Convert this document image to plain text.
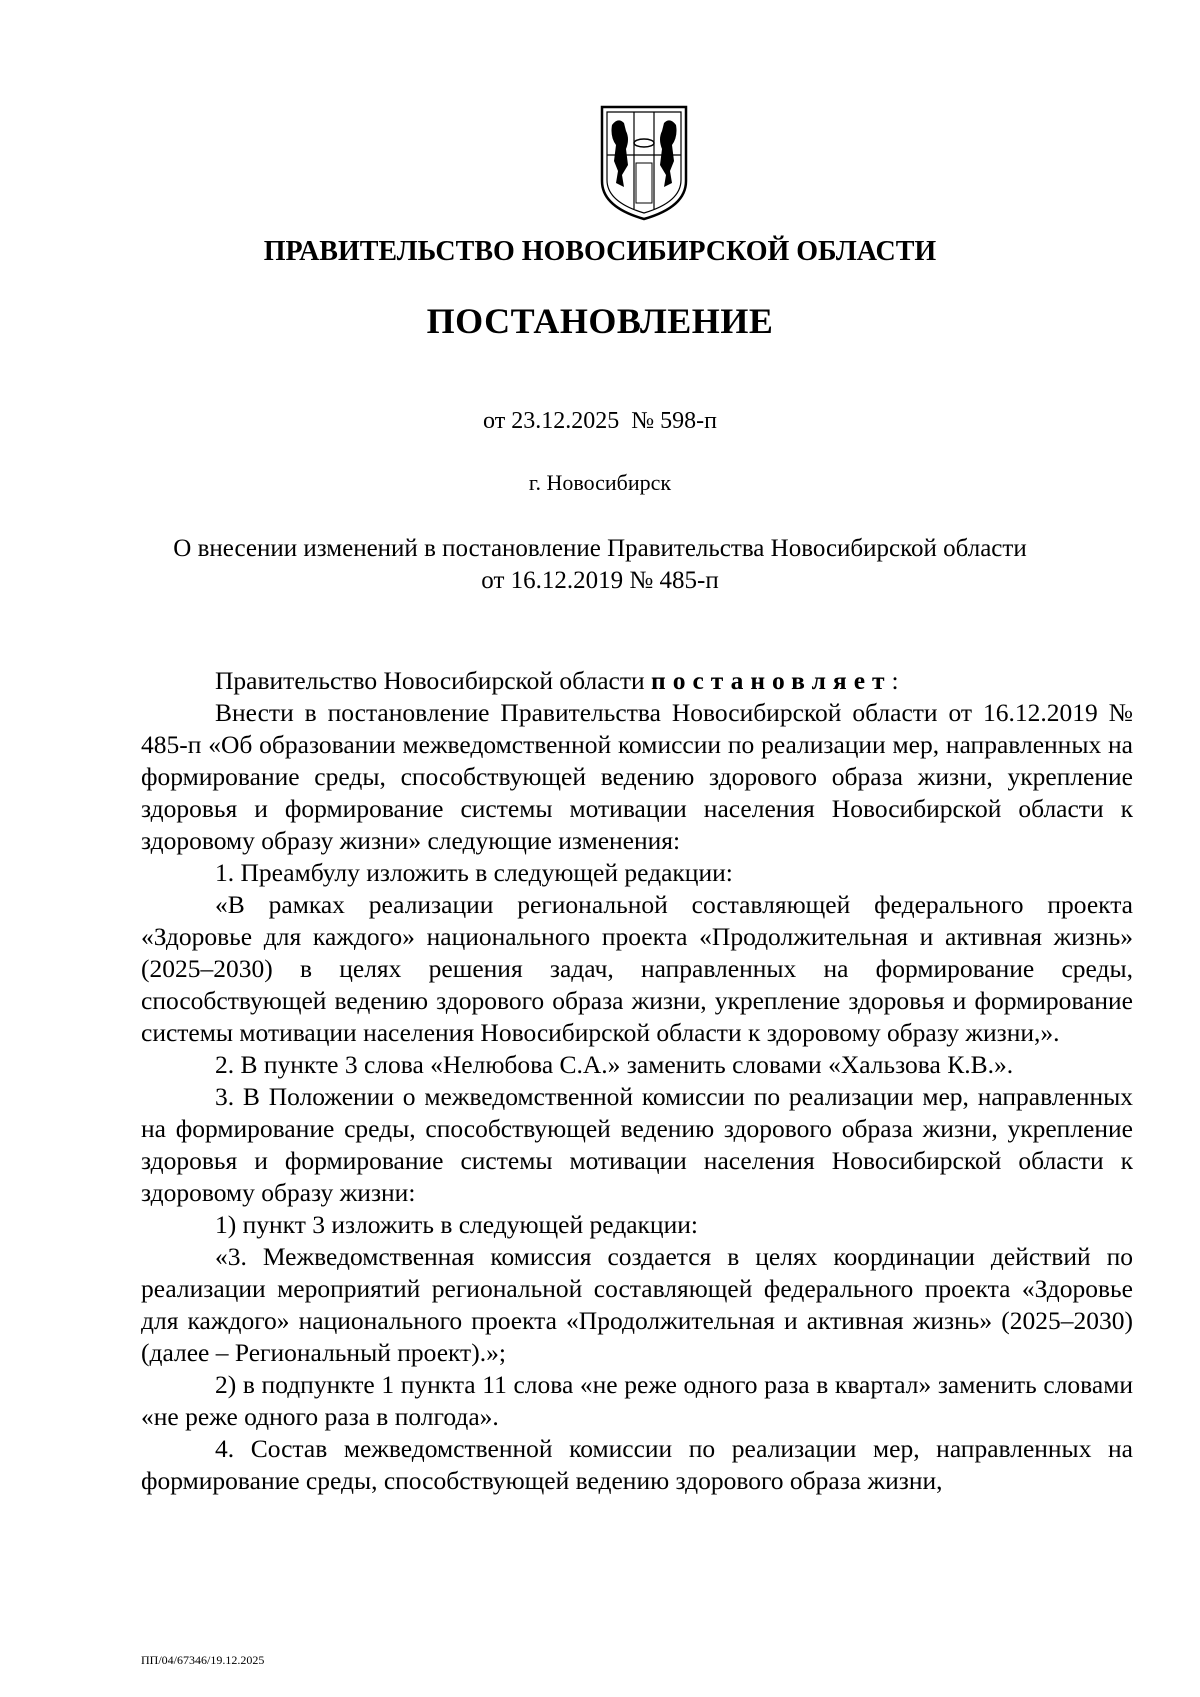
ПРАВИТЕЛЬСТВО НОВОСИБИРСКОЙ ОБЛАСТИ
ПОСТАНОВЛЕНИЕ
от 23.12.2025  № 598-п
г. Новосибирск
О внесении изменений в постановление Правительства Новосибирской области
от 16.12.2019 № 485-п

Правительство Новосибирской области постановляет:

Внести в постановление Правительства Новосибирской области от 16.12.2019 № 485-п «Об образовании межведомственной комиссии по реализации мер, направленных на формирование среды, способствующей ведению здорового образа жизни, укрепление здоровья и формирование системы мотивации населения Новосибирской области к здоровому образу жизни» следующие изменения:

1. Преамбулу изложить в следующей редакции:

«В рамках реализации региональной составляющей федерального проекта «Здоровье для каждого» национального проекта «Продолжительная и активная жизнь» (2025–2030) в целях решения задач, направленных на формирование среды, способствующей ведению здорового образа жизни, укрепление здоровья и формирование системы мотивации населения Новосибирской области к здоровому образу жизни,».

2. В пункте 3 слова «Нелюбова С.А.» заменить словами «Хальзова К.В.».

3. В Положении о межведомственной комиссии по реализации мер, направленных на формирование среды, способствующей ведению здорового образа жизни, укрепление здоровья и формирование системы мотивации населения Новосибирской области к здоровому образу жизни:

1) пункт 3 изложить в следующей редакции:

«3. Межведомственная комиссия создается в целях координации действий по реализации мероприятий региональной составляющей федерального проекта «Здоровье для каждого» национального проекта «Продолжительная и активная жизнь» (2025–2030) (далее – Региональный проект).»;

2) в подпункте 1 пункта 11 слова «не реже одного раза в квартал» заменить словами «не реже одного раза в полгода».

4. Состав межведомственной комиссии по реализации мер, направленных на формирование среды, способствующей ведению здорового образа жизни,

ПП/04/67346/19.12.2025
